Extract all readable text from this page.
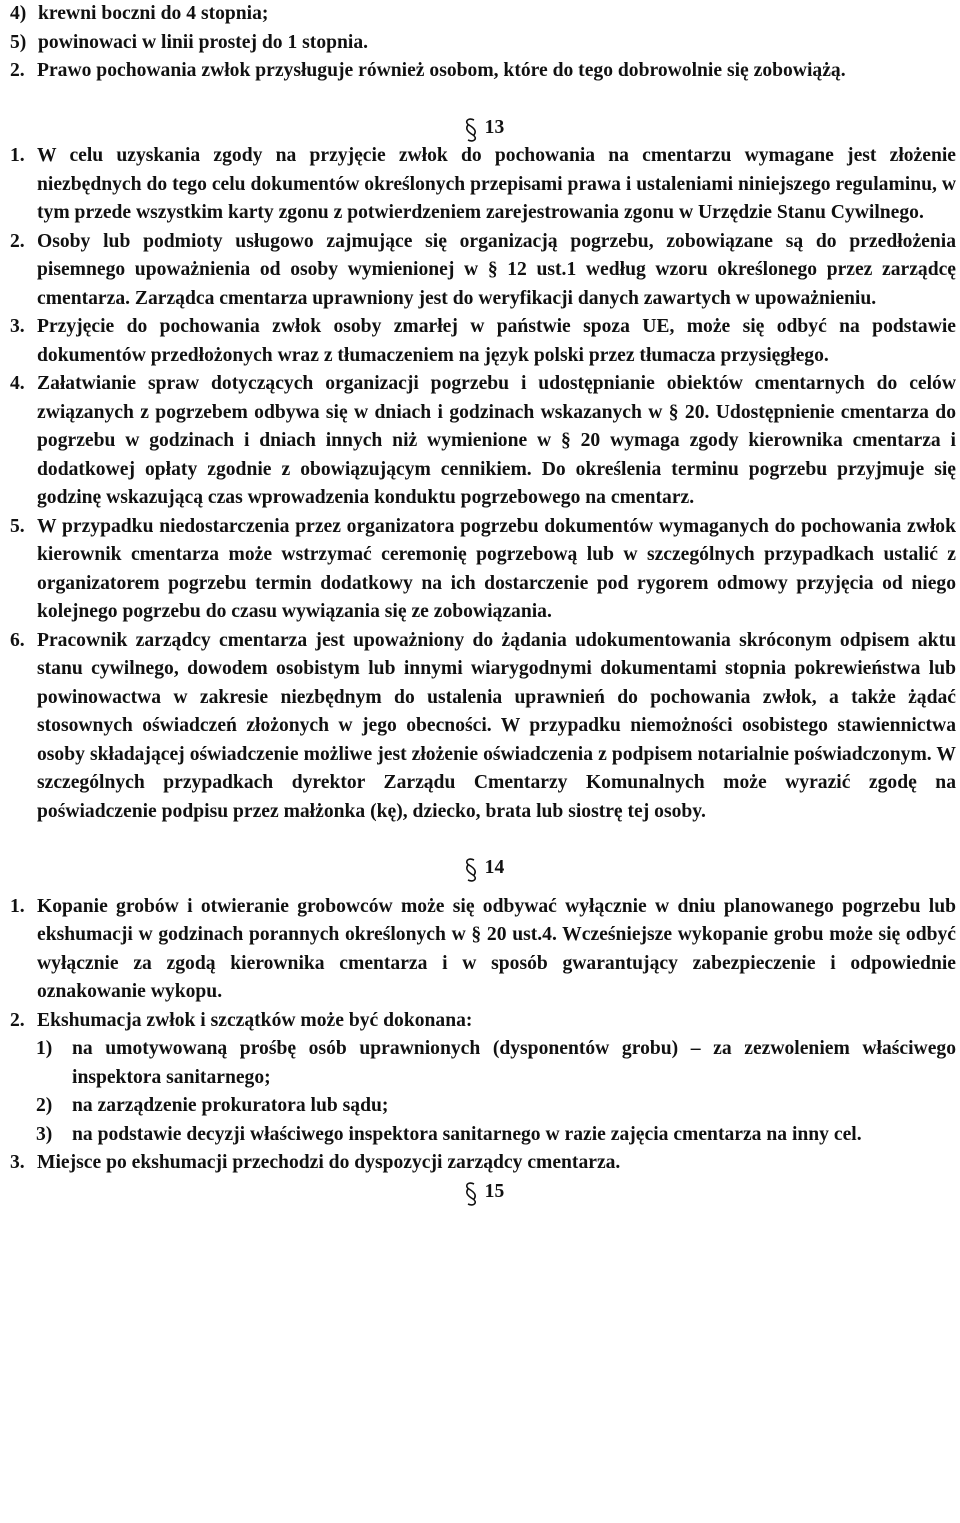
4) krewni boczni do 4 stopnia;
5) powinowaci w linii prostej do 1 stopnia.
2. Prawo pochowania zwłok przysługuje również osobom, które do tego dobrowolnie się zobowiążą.
13
1. W celu uzyskania zgody na przyjęcie zwłok do pochowania na cmentarzu wymagane jest złożenie niezbędnych do tego celu dokumentów określonych przepisami prawa i ustaleniami niniejszego regulaminu, w tym przede wszystkim karty zgonu z potwierdzeniem zarejestrowania zgonu w Urzędzie Stanu Cywilnego.
2. Osoby lub podmioty usługowo zajmujące się organizacją pogrzebu, zobowiązane są do przedłożenia pisemnego upoważnienia od osoby wymienionej w § 12 ust.1 według wzoru określonego przez zarządcę cmentarza. Zarządca cmentarza uprawniony jest do weryfikacji danych zawartych w upoważnieniu.
3. Przyjęcie do pochowania zwłok osoby zmarłej w państwie spoza UE, może się odbyć na podstawie dokumentów przedłożonych wraz z tłumaczeniem na język polski przez tłumacza przysięgłego.
4. Załatwianie spraw dotyczących organizacji pogrzebu i udostępnianie obiektów cmentarnych do celów związanych z pogrzebem odbywa się w dniach i godzinach wskazanych w § 20. Udostępnienie cmentarza do pogrzebu w godzinach i dniach innych niż wymienione w § 20 wymaga zgody kierownika cmentarza i dodatkowej opłaty zgodnie z obowiązującym cennikiem. Do określenia terminu pogrzebu przyjmuje się godzinę wskazującą czas wprowadzenia konduktu pogrzebowego na cmentarz.
5. W przypadku niedostarczenia przez organizatora pogrzebu dokumentów wymaganych do pochowania zwłok kierownik cmentarza może wstrzymać ceremonię pogrzebową lub w szczególnych przypadkach ustalić z organizatorem pogrzebu termin dodatkowy na ich dostarczenie pod rygorem odmowy przyjęcia od niego kolejnego pogrzebu do czasu wywiązania się ze zobowiązania.
6. Pracownik zarządcy cmentarza jest upoważniony do żądania udokumentowania skróconym odpisem aktu stanu cywilnego, dowodem osobistym lub innymi wiarygodnymi dokumentami stopnia pokrewieństwa lub powinowactwa w zakresie niezbędnym do ustalenia uprawnień do pochowania zwłok, a także żądać stosownych oświadczeń złożonych w jego obecności. W przypadku niemożności osobistego stawiennictwa osoby składającej oświadczenie możliwe jest złożenie oświadczenia z podpisem notarialnie poświadczonym. W szczególnych przypadkach dyrektor Zarządu Cmentarzy Komunalnych może wyrazić zgodę na poświadczenie podpisu przez małżonka (kę), dziecko, brata lub siostrę tej osoby.
14
1. Kopanie grobów i otwieranie grobowców może się odbywać wyłącznie w dniu planowanego pogrzebu lub ekshumacji w godzinach porannych określonych w § 20 ust.4. Wcześniejsze wykopanie grobu może się odbyć wyłącznie za zgodą kierownika cmentarza i w sposób gwarantujący zabezpieczenie i odpowiednie oznakowanie wykopu.
2. Ekshumacja zwłok i szczątków może być dokonana:
1) na umotywowaną prośbę osób uprawnionych (dysponentów grobu) – za zezwoleniem właściwego inspektora sanitarnego;
2) na zarządzenie prokuratora lub sądu;
3) na podstawie decyzji właściwego inspektora sanitarnego w razie zajęcia cmentarza na inny cel.
3. Miejsce po ekshumacji przechodzi do dyspozycji zarządcy cmentarza.
15
